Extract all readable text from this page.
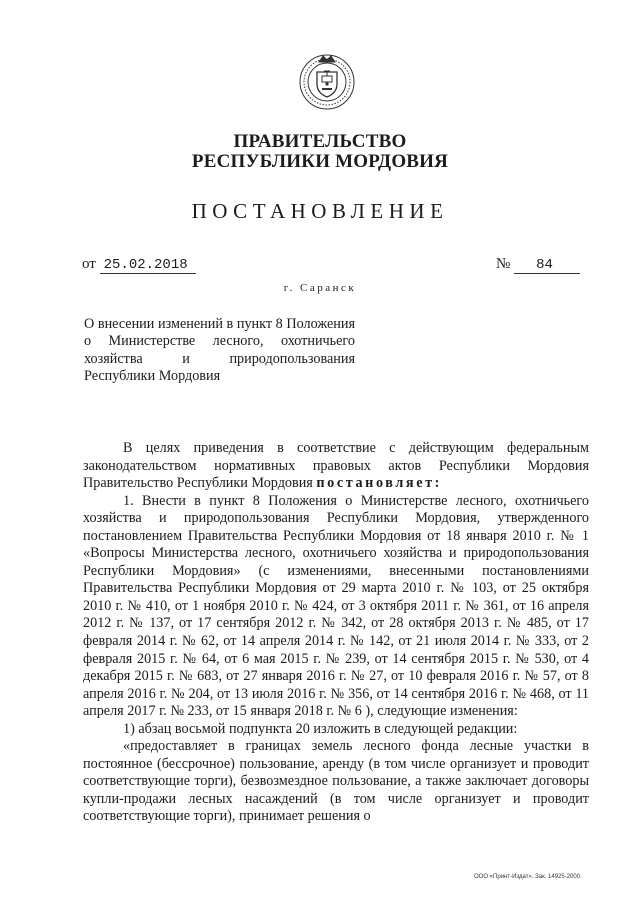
ПРАВИТЕЛЬСТВО
РЕСПУБЛИКИ МОРДОВИЯ
ПОСТАНОВЛЕНИЕ
от 25.02.2018	№ 84
г. Саранск
О внесении изменений в пункт 8 Положения о Министерстве лесного, охотничьего хозяйства и природопользования Республики Мордовия

В целях приведения в соответствие с действующим федеральным законодательством нормативных правовых актов Республики Мордовия Правительство Республики Мордовия постановляет:

1. Внести в пункт 8 Положения о Министерстве лесного, охотничьего хозяйства и природопользования Республики Мордовия, утвержденного постановлением Правительства Республики Мордовия от 18 января 2010 г. № 1 «Вопросы Министерства лесного, охотничьего хозяйства и природопользования Республики Мордовия» (с изменениями, внесенными постановлениями Правительства Республики Мордовия от 29 марта 2010 г. № 103, от 25 октября 2010 г. № 410, от 1 ноября 2010 г. № 424, от 3 октября 2011 г. № 361, от 16 апреля 2012 г. № 137, от 17 сентября 2012 г. № 342, от 28 октября 2013 г. № 485, от 17 февраля 2014 г. № 62, от 14 апреля 2014 г. № 142, от 21 июля 2014 г. № 333, от 2 февраля 2015 г. № 64, от 6 мая 2015 г. № 239, от 14 сентября 2015 г. № 530, от 4 декабря 2015 г. № 683, от 27 января 2016 г. № 27, от 10 февраля 2016 г. № 57, от 8 апреля 2016 г. № 204, от 13 июля 2016 г. № 356, от 14 сентября 2016 г. № 468, от 11 апреля 2017 г. № 233, от 15 января 2018 г. № 6 ), следующие изменения:

1) абзац восьмой подпункта 20 изложить в следующей редакции:

«предоставляет в границах земель лесного фонда лесные участки в постоянное (бессрочное) пользование, аренду (в том числе организует и проводит соответствующие торги), безвозмездное пользование, а также заключает договоры купли-продажи лесных насаждений (в том числе организует и проводит соответствующие торги), принимает решения о

ООО «Принт-Издат». Зак. 14925-2000.
